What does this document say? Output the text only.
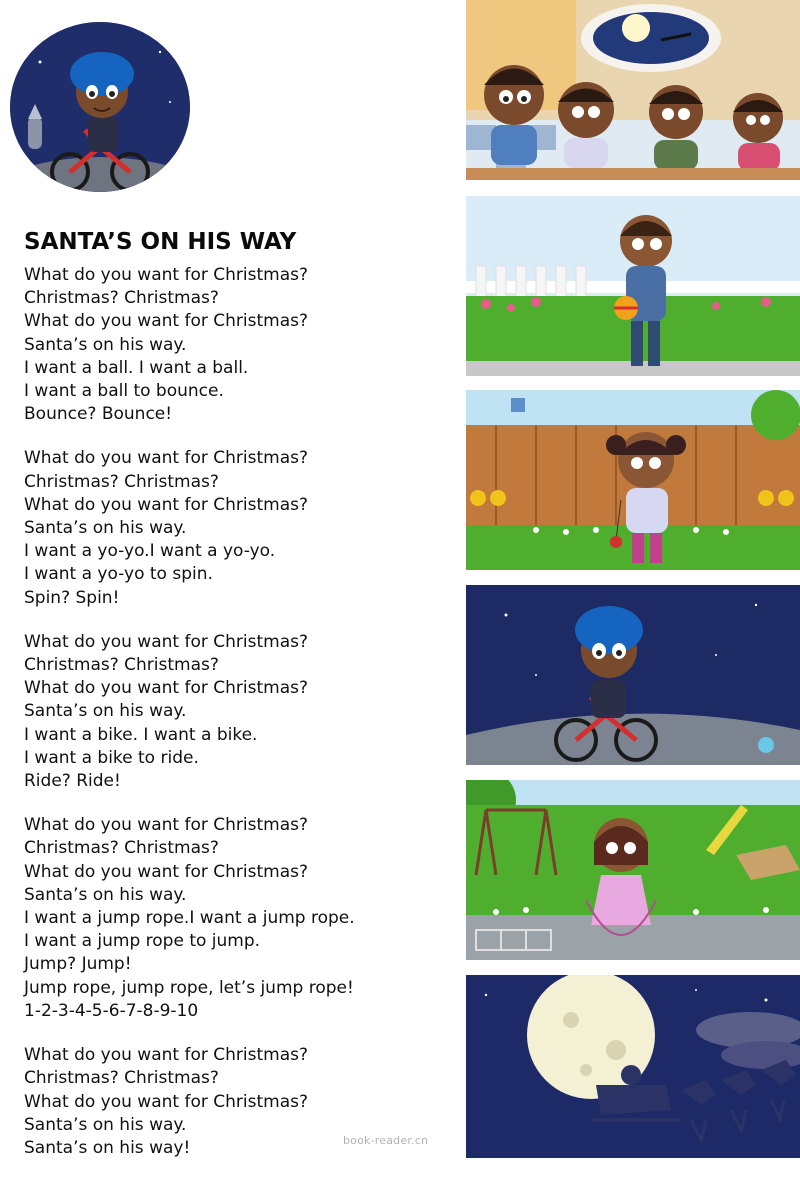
SANTA’S ON HIS WAY
What do you want for Christmas?
Christmas? Christmas?
What do you want for Christmas?
Santa’s on his way.
I want a ball. I want a ball.
I want a ball to bounce.
Bounce? Bounce!
What do you want for Christmas?
Christmas? Christmas?
What do you want for Christmas?
Santa’s on his way.
I want a yo-yo.I want a yo-yo.
I want a yo-yo to spin.
Spin? Spin!
What do you want for Christmas?
Christmas? Christmas?
What do you want for Christmas?
Santa’s on his way.
I want a bike. I want a bike.
I want a bike to ride.
Ride? Ride!
What do you want for Christmas?
Christmas? Christmas?
What do you want for Christmas?
Santa’s on his way.
I want a jump rope.I want a jump rope.
I want a jump rope to jump.
Jump? Jump!
Jump rope, jump rope, let’s jump rope!
1-2-3-4-5-6-7-8-9-10
What do you want for Christmas?
Christmas? Christmas?
What do you want for Christmas?
Santa’s on his way.
Santa’s on his way!	book-reader.cn
